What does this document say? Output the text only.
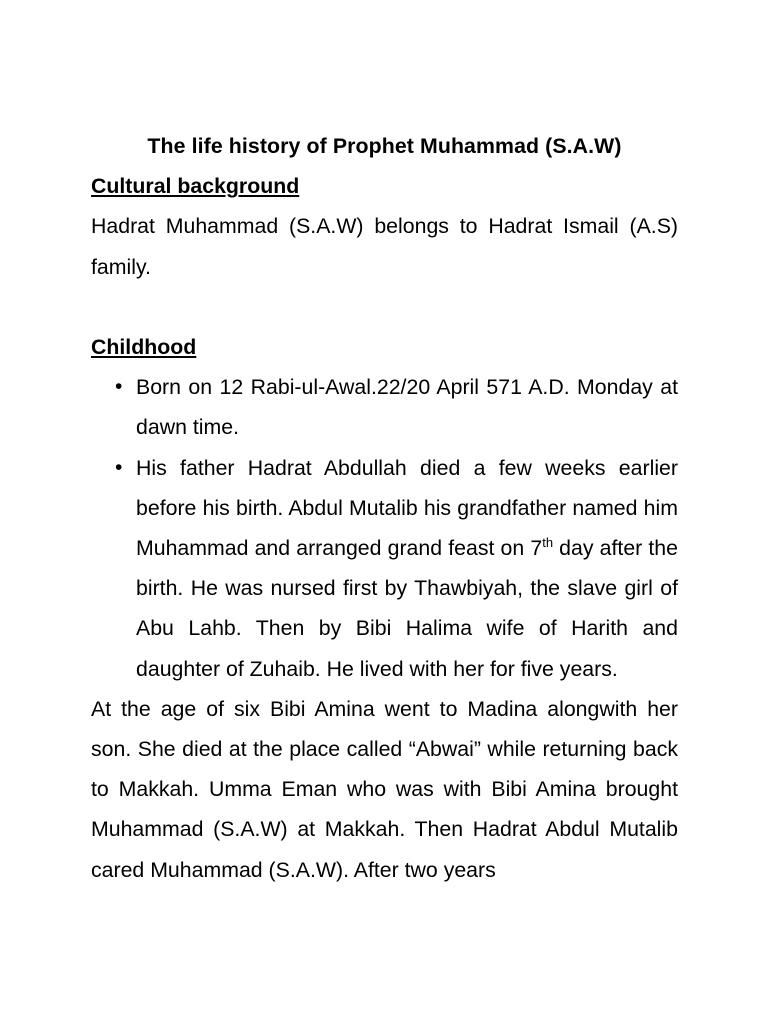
The life history of Prophet Muhammad (S.A.W)

Cultural background

Hadrat Muhammad (S.A.W) belongs to Hadrat Ismail (A.S) family.

Childhood

• Born on 12 Rabi-ul-Awal.22/20 April 571 A.D. Monday at dawn time.
• His father Hadrat Abdullah died a few weeks earlier before his birth. Abdul Mutalib his grandfather named him Muhammad and arranged grand feast on 7th day after the birth. He was nursed first by Thawbiyah, the slave girl of Abu Lahb. Then by Bibi Halima wife of Harith and daughter of Zuhaib. He lived with her for five years.

At the age of six Bibi Amina went to Madina alongwith her son. She died at the place called “Abwai” while returning back to Makkah. Umma Eman who was with Bibi Amina brought Muhammad (S.A.W) at Makkah. Then Hadrat Abdul Mutalib cared Muhammad (S.A.W). After two years
